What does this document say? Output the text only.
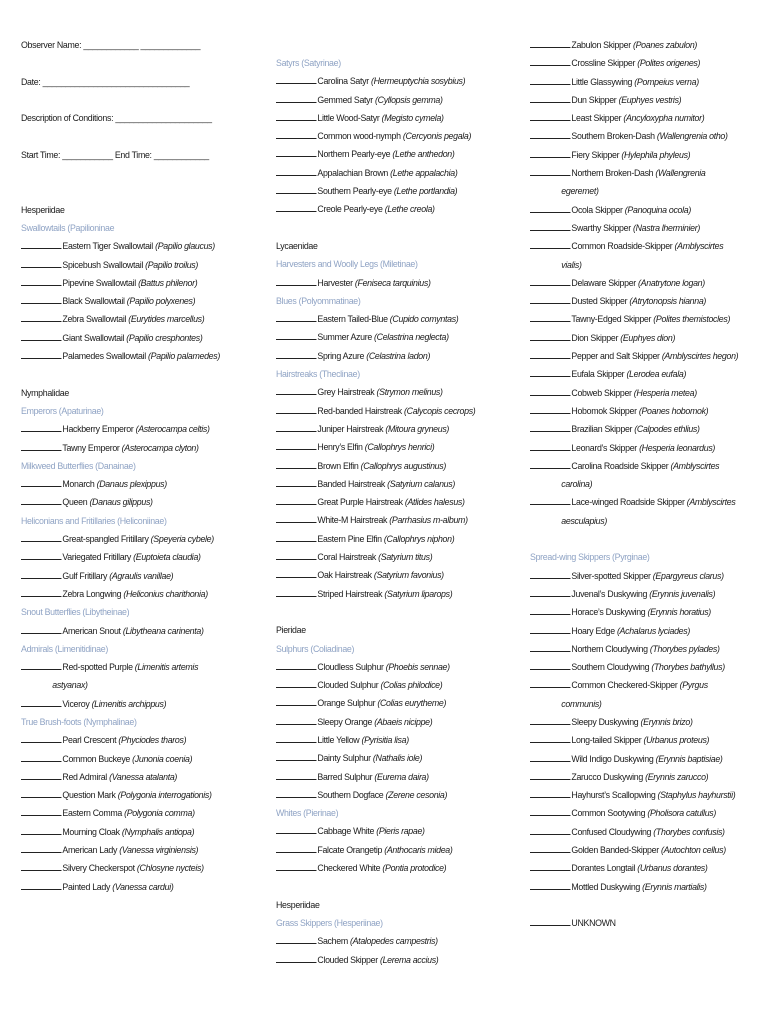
Observer Name: ____________ _____________
Date: ________________________________
Description of Conditions: _____________________
Start Time: ___________ End Time: ____________
Hesperiidae
Swallowtails (Papilioninae
Eastern Tiger Swallowtail (Papilio glaucus)
Spicebush Swallowtail (Papilio troilus)
Pipevine Swallowtail (Battus philenor)
Black Swallowtail (Papilio polyxenes)
Zebra Swallowtail (Eurytides marcellus)
Giant Swallowtail (Papilio cresphontes)
Palamedes Swallowtail (Papilio palamedes)
Nymphalidae
Emperors (Apaturinae)
Hackberry Emperor (Asterocampa celtis)
Tawny Emperor (Asterocampa clyton)
Milkweed Butterflies (Danainae)
Monarch (Danaus plexippus)
Queen (Danaus gilippus)
Heliconians and Fritillaries (Heliconiinae)
Great-spangled Fritillary (Speyeria cybele)
Variegated Fritillary (Euptoieta claudia)
Gulf Fritillary (Agraulis vanillae)
Zebra Longwing (Heliconius charithonia)
Snout Butterflies (Libytheinae)
American Snout (Libytheana carinenta)
Admirals (Limenitidinae)
Red-spotted Purple (Limenitis artemis
astyanax)
Viceroy (Limenitis archippus)
True Brush-foots (Nymphalinae)
Pearl Crescent (Phyciodes tharos)
Common Buckeye (Junonia coenia)
Red Admiral (Vanessa atalanta)
Question Mark (Polygonia interrogationis)
Eastern Comma (Polygonia comma)
Mourning Cloak (Nymphalis antiopa)
American Lady (Vanessa virginiensis)
Silvery Checkerspot (Chlosyne nycteis)
Painted Lady (Vanessa cardui)
Satyrs (Satyrinae)
Carolina Satyr (Hermeuptychia sosybius)
Gemmed Satyr (Cyllopsis gemma)
Little Wood-Satyr (Megisto cymela)
Common wood-nymph (Cercyonis pegala)
Northern Pearly-eye (Lethe anthedon)
Appalachian Brown (Lethe appalachia)
Southern Pearly-eye (Lethe portlandia)
Creole Pearly-eye (Lethe creola)
Lycaenidae
Harvesters and Woolly Legs (Miletinae)
Harvester (Feniseca tarquinius)
Blues (Polyommatinae)
Eastern Tailed-Blue (Cupido comyntas)
Summer Azure (Celastrina neglecta)
Spring Azure (Celastrina ladon)
Hairstreaks (Theclinae)
Grey Hairstreak (Strymon melinus)
Red-banded Hairstreak (Calycopis cecrops)
Juniper Hairstreak (Mitoura gryneus)
Henry’s Elfin (Callophrys henrici)
Brown Elfin (Callophrys augustinus)
Banded Hairstreak (Satyrium calanus)
Great Purple Hairstreak (Atlides halesus)
White-M Hairstreak (Parrhasius m-album)
Eastern Pine Elfin (Callophrys niphon)
Coral Hairstreak (Satyrium titus)
Oak Hairstreak (Satyrium favonius)
Striped Hairstreak (Satyrium liparops)
Pieridae
Sulphurs (Coliadinae)
Cloudless Sulphur (Phoebis sennae)
Clouded Sulphur (Colias philodice)
Orange Sulphur (Colias eurytheme)
Sleepy Orange (Abaeis nicippe)
Little Yellow (Pyrisitia lisa)
Dainty Sulphur (Nathalis iole)
Barred Sulphur (Eurema daira)
Southern Dogface (Zerene cesonia)
Whites (Pierinae)
Cabbage White (Pieris rapae)
Falcate Orangetip (Anthocaris midea)
Checkered White (Pontia protodice)
Hesperiidae
Grass Skippers (Hesperiinae)
Sachem (Atalopedes campestris)
Clouded Skipper (Lerema accius)
Zabulon Skipper (Poanes zabulon)
Crossline Skipper (Polites origenes)
Little Glassywing (Pompeius verna)
Dun Skipper (Euphyes vestris)
Least Skipper (Ancyloxypha numitor)
Southern Broken-Dash (Wallengrenia otho)
Fiery Skipper (Hylephila phyleus)
Northern Broken-Dash (Wallengrenia
egeremet)
Ocola Skipper (Panoquina ocola)
Swarthy Skipper (Nastra lherminier)
Common Roadside-Skipper (Amblyscirtes
vialis)
Delaware Skipper (Anatrytone logan)
Dusted Skipper (Atrytonopsis hianna)
Tawny-Edged Skipper (Polites themistocles)
Dion Skipper (Euphyes dion)
Pepper and Salt Skipper (Amblyscirtes hegon)
Eufala Skipper (Lerodea eufala)
Cobweb Skipper (Hesperia metea)
Hobomok Skipper (Poanes hobomok)
Brazilian Skipper (Calpodes ethlius)
Leonard’s Skipper (Hesperia leonardus)
Carolina Roadside Skipper (Amblyscirtes
carolina)
Lace-winged Roadside Skipper (Amblyscirtes
aesculapius)
Spread-wing Skippers (Pyrginae)
Silver-spotted Skipper (Epargyreus clarus)
Juvenal’s Duskywing (Erynnis juvenalis)
Horace’s Duskywing (Erynnis horatius)
Hoary Edge (Achalarus lyciades)
Northern Cloudywing (Thorybes pylades)
Southern Cloudywing (Thorybes bathyllus)
Common Checkered-Skipper (Pyrgus
communis)
Sleepy Duskywing (Erynnis brizo)
Long-tailed Skipper (Urbanus proteus)
Wild Indigo Duskywing (Erynnis baptisiae)
Zarucco Duskywing (Erynnis zarucco)
Hayhurst’s Scallopwing (Staphylus hayhurstii)
Common Sootywing (Pholisora catullus)
Confused Cloudywing (Thorybes confusis)
Golden Banded-Skipper (Autochton cellus)
Dorantes Longtail (Urbanus dorantes)
Mottled Duskywing (Erynnis martialis)
UNKNOWN
